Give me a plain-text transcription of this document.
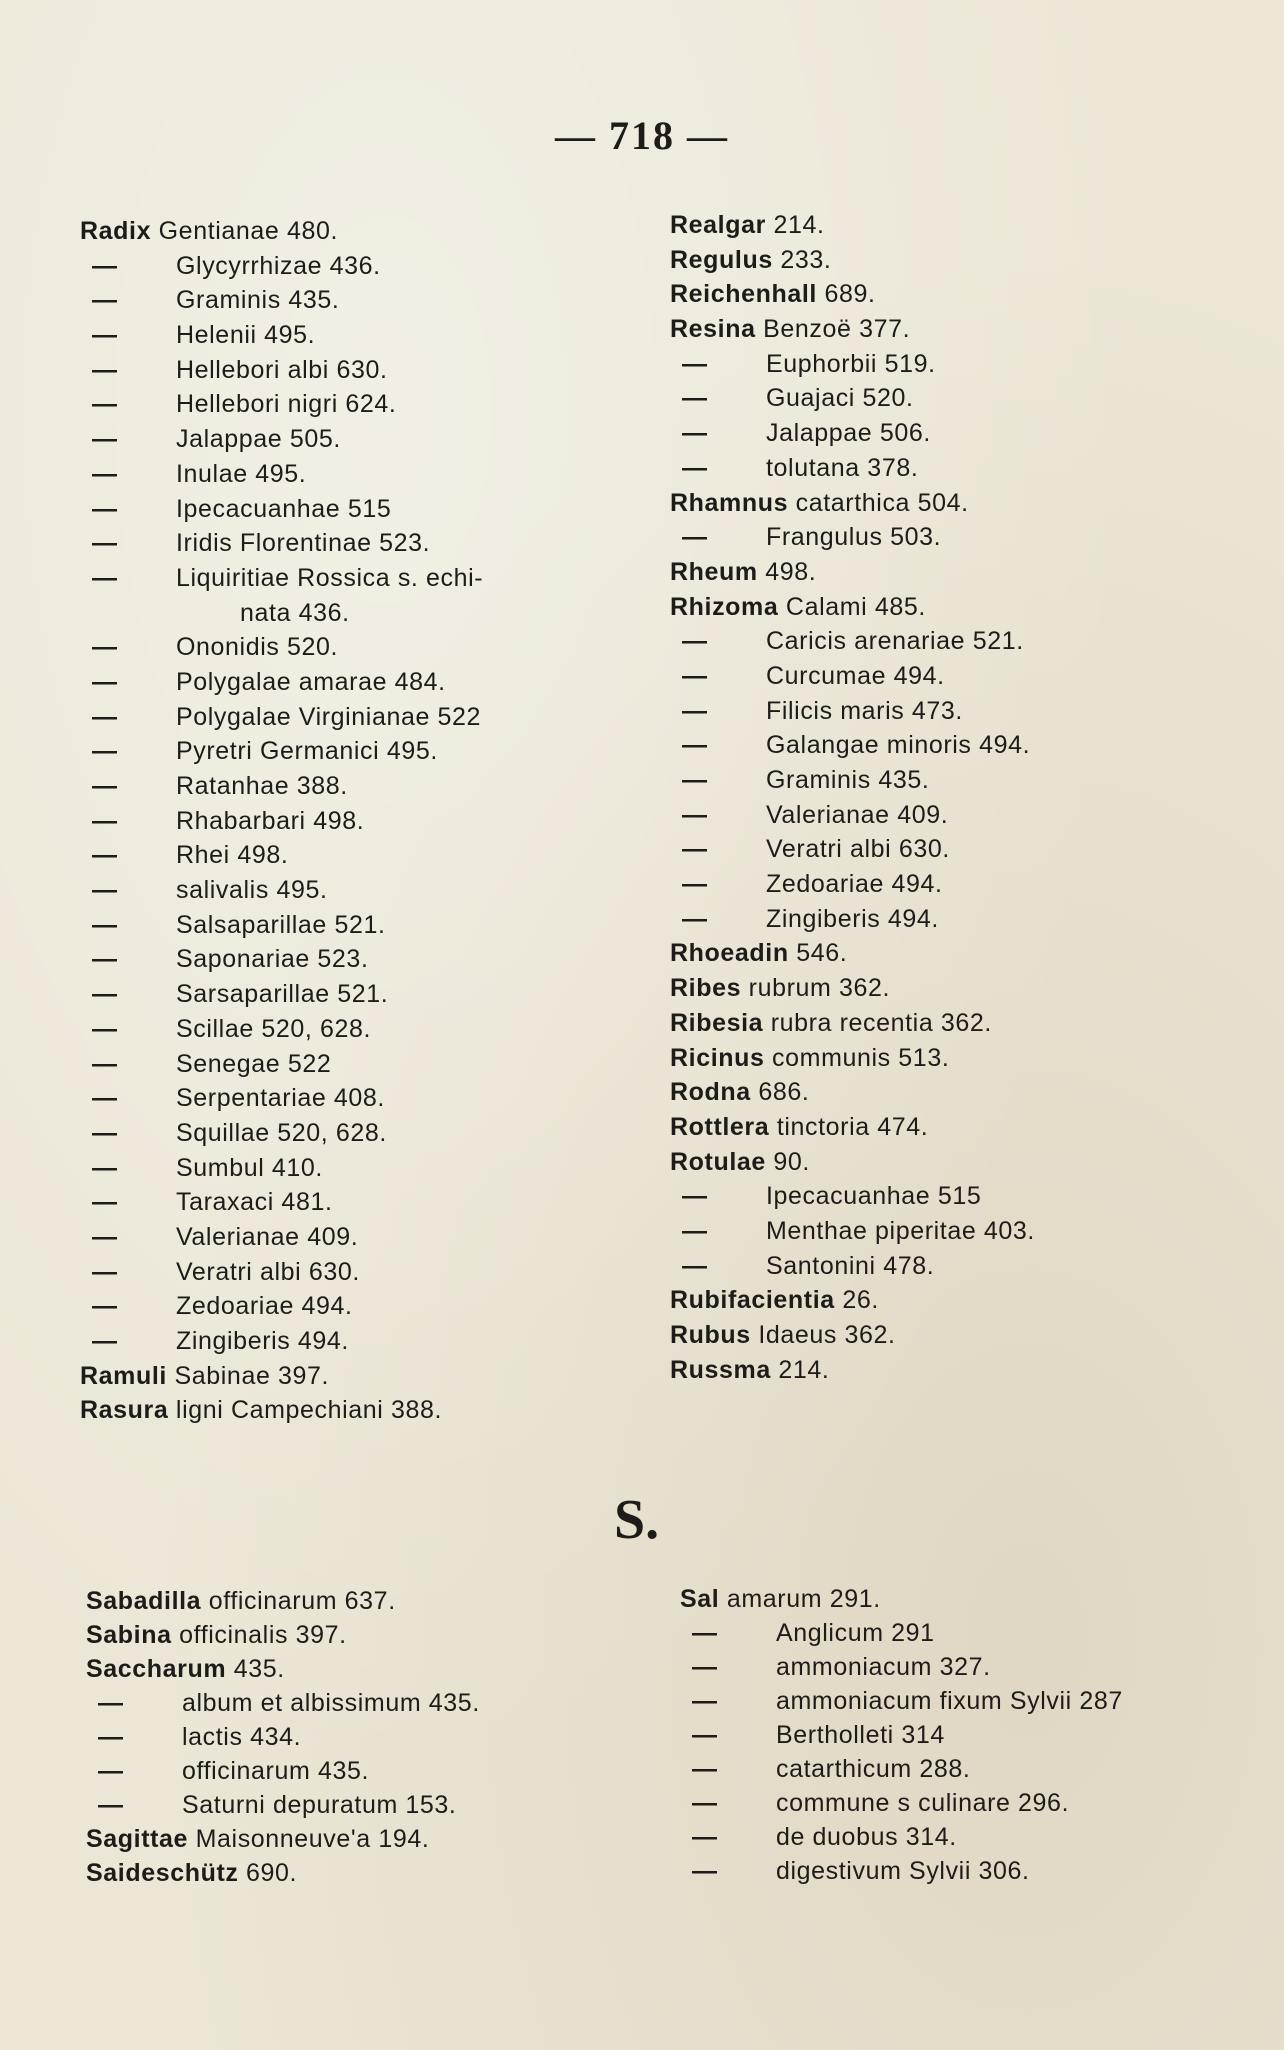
— 718 —
Radix Gentianae 480.
— Glycyrrhizae 436.
— Graminis 435.
— Helenii 495.
— Hellebori albi 630.
— Hellebori nigri 624.
— Jalappae 505.
— Inulae 495.
— Ipecacuanhae 515
— Iridis Florentinae 523.
— Liquiritiae Rossica s. echi-
nata 436.
— Ononidis 520.
— Polygalae amarae 484.
— Polygalae Virginianae 522
— Pyretri Germanici 495.
— Ratanhae 388.
— Rhabarbari 498.
— Rhei 498.
— salivalis 495.
— Salsaparillae 521.
— Saponariae 523.
— Sarsaparillae 521.
— Scillae 520, 628.
— Senegae 522
— Serpentariae 408.
— Squillae 520, 628.
— Sumbul 410.
— Taraxaci 481.
— Valerianae 409.
— Veratri albi 630.
— Zedoariae 494.
— Zingiberis 494.
Ramuli Sabinae 397.
Rasura ligni Campechiani 388.
Realgar 214.
Regulus 233.
Reichenhall 689.
Resina Benzoë 377.
— Euphorbii 519.
— Guajaci 520.
— Jalappae 506.
— tolutana 378.
Rhamnus catarthica 504.
— Frangulus 503.
Rheum 498.
Rhizoma Calami 485.
— Caricis arenariae 521.
— Curcumae 494.
— Filicis maris 473.
— Galangae minoris 494.
— Graminis 435.
— Valerianae 409.
— Veratri albi 630.
— Zedoariae 494.
— Zingiberis 494.
Rhoeadin 546.
Ribes rubrum 362.
Ribesia rubra recentia 362.
Ricinus communis 513.
Rodna 686.
Rottlera tinctoria 474.
Rotulae 90.
— Ipecacuanhae 515
— Menthae piperitae 403.
— Santonini 478.
Rubifacientia 26.
Rubus Idaeus 362.
Russma 214.
S.
Sabadilla officinarum 637.
Sabina officinalis 397.
Saccharum 435.
— album et albissimum 435.
— lactis 434.
— officinarum 435.
— Saturni depuratum 153.
Sagittae Maisonneuve'a 194.
Saideschütz 690.
Sal amarum 291.
— Anglicum 291
— ammoniacum 327.
— ammoniacum fixum Sylvii 287
— Bertholleti 314
— catarthicum 288.
— commune s culinare 296.
— de duobus 314.
— digestivum Sylvii 306.
